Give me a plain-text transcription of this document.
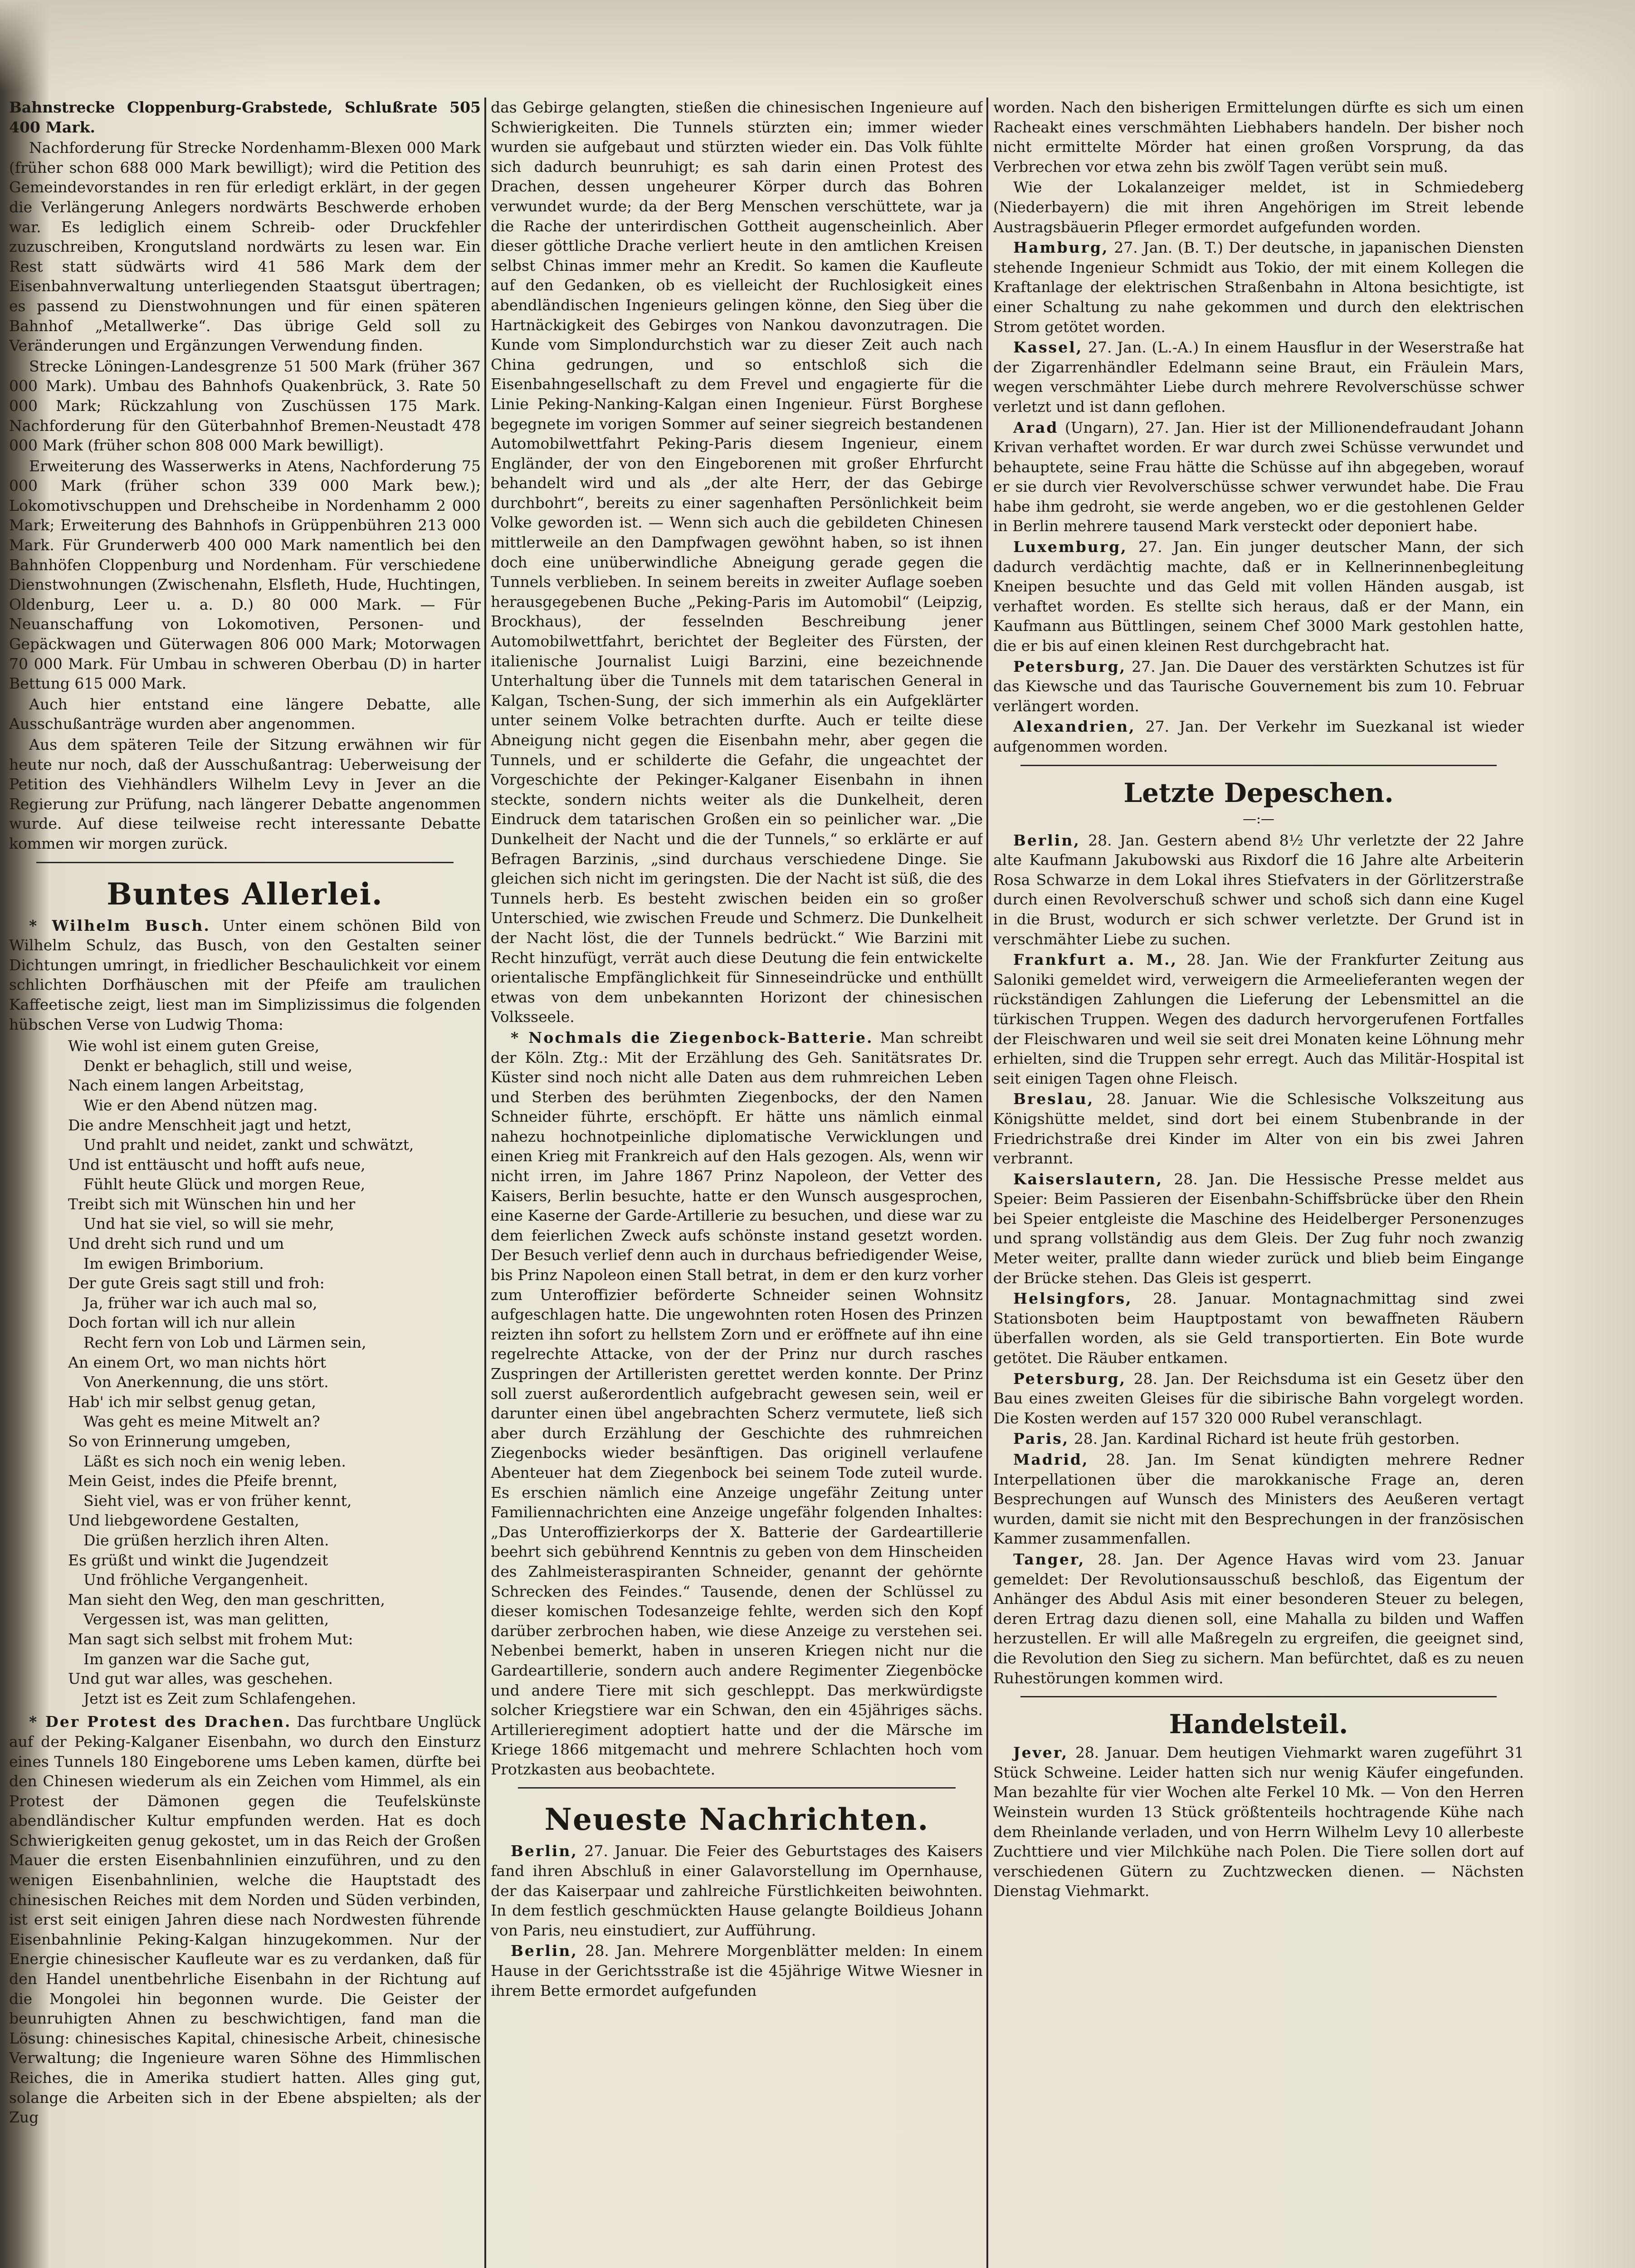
Bahnstrecke Cloppenburg-Grabstede, Schlußrate 505 400 Mark.

Nachforderung für Strecke Nordenhamm-Blexen 000 Mark (früher schon 688 000 Mark bewilligt); wird die Petition des Gemeindevorstandes in ren für erledigt erklärt, in der gegen die Verlängerung Anlegers nordwärts Beschwerde erhoben war. Es lediglich einem Schreib- oder Druckfehler zuzuschreiben, Krongutsland nordwärts zu lesen war. Ein Rest statt südwärts wird 41 586 Mark dem der Eisenbahnverwaltung unterliegenden Staatsgut übertragen; es passend zu Dienstwohnungen und für einen späteren Bahnhof „Metallwerke“. Das übrige Geld soll zu Veränderungen und Ergänzungen Verwendung finden.

Strecke Löningen-Landesgrenze 51 500 Mark (früher 367 000 Mark). Umbau des Bahnhofs Quakenbrück, 3. Rate 50 000 Mark; Rückzahlung von Zuschüssen 175 Mark. Nachforderung für den Güterbahnhof Bremen-Neustadt 478 000 Mark (früher schon 808 000 Mark bewilligt).

Erweiterung des Wasserwerks in Atens, Nachforderung 75 000 Mark (früher schon 339 000 Mark bew.); Lokomotivschuppen und Drehscheibe in Nordenhamm 2 000 Mark; Erweiterung des Bahnhofs in Grüppenbühren 213 000 Mark. Für Grunderwerb 400 000 Mark namentlich bei den Bahnhöfen Cloppenburg und Nordenham. Für verschiedene Dienstwohnungen (Zwischenahn, Elsfleth, Hude, Huchtingen, Oldenburg, Leer u. a. D.) 80 000 Mark. — Für Neuanschaffung von Lokomotiven, Personen- und Gepäckwagen und Güterwagen 806 000 Mark; Motorwagen 70 000 Mark. Für Umbau in schweren Oberbau (D) in harter Bettung 615 000 Mark.

Auch hier entstand eine längere Debatte, alle Ausschußanträge wurden aber angenommen.

Aus dem späteren Teile der Sitzung erwähnen wir für heute nur noch, daß der Ausschußantrag: Ueberweisung der Petition des Viehhändlers Wilhelm Levy in Jever an die Regierung zur Prüfung, nach längerer Debatte angenommen wurde. Auf diese teilweise recht interessante Debatte kommen wir morgen zurück.

Buntes Allerlei.

* Wilhelm Busch. Unter einem schönen Bild von Wilhelm Schulz, das Busch, von den Gestalten seiner Dichtungen umringt, in friedlicher Beschaulichkeit vor einem schlichten Dorfhäuschen mit der Pfeife am traulichen Kaffeetische zeigt, liest man im Simplizissimus die folgenden hübschen Verse von Ludwig Thoma:

Wie wohl ist einem guten Greise,
Denkt er behaglich, still und weise,
Nach einem langen Arbeitstag,
Wie er den Abend nützen mag.
Die andre Menschheit jagt und hetzt,
Und prahlt und neidet, zankt und schwätzt,
Und ist enttäuscht und hofft aufs neue,
Fühlt heute Glück und morgen Reue,
Treibt sich mit Wünschen hin und her
Und hat sie viel, so will sie mehr,
Und dreht sich rund und um
Im ewigen Brimborium.
Der gute Greis sagt still und froh:
Ja, früher war ich auch mal so,
Doch fortan will ich nur allein
Recht fern von Lob und Lärmen sein,
An einem Ort, wo man nichts hört
Von Anerkennung, die uns stört.
Hab' ich mir selbst genug getan,
Was geht es meine Mitwelt an?
So von Erinnerung umgeben,
Läßt es sich noch ein wenig leben.
Mein Geist, indes die Pfeife brennt,
Sieht viel, was er von früher kennt,
Und liebgewordene Gestalten,
Die grüßen herzlich ihren Alten.
Es grüßt und winkt die Jugendzeit
Und fröhliche Vergangenheit.
Man sieht den Weg, den man geschritten,
Vergessen ist, was man gelitten,
Man sagt sich selbst mit frohem Mut:
Im ganzen war die Sache gut,
Und gut war alles, was geschehen.
Jetzt ist es Zeit zum Schlafengehen.

* Der Protest des Drachen. Das furchtbare Unglück auf der Peking-Kalganer Eisenbahn, wo durch den Einsturz eines Tunnels 180 Eingeborene ums Leben kamen, dürfte bei den Chinesen wiederum als ein Zeichen vom Himmel, als ein Protest der Dämonen gegen die Teufelskünste abendländischer Kultur empfunden werden. Hat es doch Schwierigkeiten genug gekostet, um in das Reich der Großen Mauer die ersten Eisenbahnlinien einzuführen, und zu den wenigen Eisenbahnlinien, welche die Hauptstadt des chinesischen Reiches mit dem Norden und Süden verbinden, ist erst seit einigen Jahren diese nach Nordwesten führende Eisenbahnlinie Peking-Kalgan hinzugekommen. Nur der Energie chinesischer Kaufleute war es zu verdanken, daß für den Handel unentbehrliche Eisenbahn in der Richtung auf die Mongolei hin begonnen wurde. Die Geister der beunruhigten Ahnen zu beschwichtigen, fand man die Lösung: chinesisches Kapital, chinesische Arbeit, chinesische Verwaltung; die Ingenieure waren Söhne des Himmlischen Reiches, die in Amerika studiert hatten. Alles ging gut, solange die Arbeiten sich in der Ebene abspielten; als der Zug

das Gebirge gelangten, stießen die chinesischen Ingenieure auf Schwierigkeiten. Die Tunnels stürzten ein; immer wieder wurden sie aufgebaut und stürzten wieder ein. Das Volk fühlte sich dadurch beunruhigt; es sah darin einen Protest des Drachen, dessen ungeheurer Körper durch das Bohren verwundet wurde; da der Berg Menschen verschüttete, war ja die Rache der unterirdischen Gottheit augenscheinlich. Aber dieser göttliche Drache verliert heute in den amtlichen Kreisen selbst Chinas immer mehr an Kredit. So kamen die Kaufleute auf den Gedanken, ob es vielleicht der Ruchlosigkeit eines abendländischen Ingenieurs gelingen könne, den Sieg über die Hartnäckigkeit des Gebirges von Nankou davonzutragen. Die Kunde vom Simplondurchstich war zu dieser Zeit auch nach China gedrungen, und so entschloß sich die Eisenbahngesellschaft zu dem Frevel und engagierte für die Linie Peking-Nanking-Kalgan einen Ingenieur. Fürst Borghese begegnete im vorigen Sommer auf seiner siegreich bestandenen Automobilwettfahrt Peking-Paris diesem Ingenieur, einem Engländer, der von den Eingeborenen mit großer Ehrfurcht behandelt wird und als „der alte Herr, der das Gebirge durchbohrt“, bereits zu einer sagenhaften Persönlichkeit beim Volke geworden ist. — Wenn sich auch die gebildeten Chinesen mittlerweile an den Dampfwagen gewöhnt haben, so ist ihnen doch eine unüberwindliche Abneigung gerade gegen die Tunnels verblieben. In seinem bereits in zweiter Auflage soeben herausgegebenen Buche „Peking-Paris im Automobil“ (Leipzig, Brockhaus), der fesselnden Beschreibung jener Automobilwettfahrt, berichtet der Begleiter des Fürsten, der italienische Journalist Luigi Barzini, eine bezeichnende Unterhaltung über die Tunnels mit dem tatarischen General in Kalgan, Tschen-Sung, der sich immerhin als ein Aufgeklärter unter seinem Volke betrachten durfte. Auch er teilte diese Abneigung nicht gegen die Eisenbahn mehr, aber gegen die Tunnels, und er schilderte die Gefahr, die ungeachtet der Vorgeschichte der Pekinger-Kalganer Eisenbahn in ihnen steckte, sondern nichts weiter als die Dunkelheit, deren Eindruck dem tatarischen Großen ein so peinlicher war. „Die Dunkelheit der Nacht und die der Tunnels,“ so erklärte er auf Befragen Barzinis, „sind durchaus verschiedene Dinge. Sie gleichen sich nicht im geringsten. Die der Nacht ist süß, die des Tunnels herb. Es besteht zwischen beiden ein so großer Unterschied, wie zwischen Freude und Schmerz. Die Dunkelheit der Nacht löst, die der Tunnels bedrückt.“ Wie Barzini mit Recht hinzufügt, verrät auch diese Deutung die fein entwickelte orientalische Empfänglichkeit für Sinneseindrücke und enthüllt etwas von dem unbekannten Horizont der chinesischen Volksseele.

* Nochmals die Ziegenbock-Batterie. Man schreibt der Köln. Ztg.: Mit der Erzählung des Geh. Sanitätsrates Dr. Küster sind noch nicht alle Daten aus dem ruhmreichen Leben und Sterben des berühmten Ziegenbocks, der den Namen Schneider führte, erschöpft. Er hätte uns nämlich einmal nahezu hochnotpeinliche diplomatische Verwicklungen und einen Krieg mit Frankreich auf den Hals gezogen. Als, wenn wir nicht irren, im Jahre 1867 Prinz Napoleon, der Vetter des Kaisers, Berlin besuchte, hatte er den Wunsch ausgesprochen, eine Kaserne der Garde-Artillerie zu besuchen, und diese war zu dem feierlichen Zweck aufs schönste instand gesetzt worden. Der Besuch verlief denn auch in durchaus befriedigender Weise, bis Prinz Napoleon einen Stall betrat, in dem er den kurz vorher zum Unteroffizier beförderte Schneider seinen Wohnsitz aufgeschlagen hatte. Die ungewohnten roten Hosen des Prinzen reizten ihn sofort zu hellstem Zorn und er eröffnete auf ihn eine regelrechte Attacke, von der der Prinz nur durch rasches Zuspringen der Artilleristen gerettet werden konnte. Der Prinz soll zuerst außerordentlich aufgebracht gewesen sein, weil er darunter einen übel angebrachten Scherz vermutete, ließ sich aber durch Erzählung der Geschichte des ruhmreichen Ziegenbocks wieder besänftigen. Das originell verlaufene Abenteuer hat dem Ziegenbock bei seinem Tode zuteil wurde. Es erschien nämlich eine Anzeige ungefähr Zeitung unter Familiennachrichten eine Anzeige ungefähr folgenden Inhaltes: „Das Unteroffizierkorps der X. Batterie der Gardeartillerie beehrt sich gebührend Kenntnis zu geben von dem Hinscheiden des Zahlmeisteraspiranten Schneider, genannt der gehörnte Schrecken des Feindes.“ Tausende, denen der Schlüssel zu dieser komischen Todesanzeige fehlte, werden sich den Kopf darüber zerbrochen haben, wie diese Anzeige zu verstehen sei. Nebenbei bemerkt, haben in unseren Kriegen nicht nur die Gardeartillerie, sondern auch andere Regimenter Ziegenböcke und andere Tiere mit sich geschleppt. Das merkwürdigste solcher Kriegstiere war ein Schwan, den ein 45jähriges sächs. Artillerieregiment adoptiert hatte und der die Märsche im Kriege 1866 mitgemacht und mehrere Schlachten hoch vom Protzkasten aus beobachtete.

Neueste Nachrichten.

Berlin, 27. Januar. Die Feier des Geburtstages des Kaisers fand ihren Abschluß in einer Galavorstellung im Opernhause, der das Kaiserpaar und zahlreiche Fürstlichkeiten beiwohnten. In dem festlich geschmückten Hause gelangte Boildieus Johann von Paris, neu einstudiert, zur Aufführung.

Berlin, 28. Jan. Mehrere Morgenblätter melden: In einem Hause in der Gerichtsstraße ist die 45jährige Witwe Wiesner in ihrem Bette ermordet aufgefunden

worden. Nach den bisherigen Ermittelungen dürfte es sich um einen Racheakt eines verschmähten Liebhabers handeln. Der bisher noch nicht ermittelte Mörder hat einen großen Vorsprung, da das Verbrechen vor etwa zehn bis zwölf Tagen verübt sein muß.

Wie der Lokalanzeiger meldet, ist in Schmiedeberg (Niederbayern) die mit ihren Angehörigen im Streit lebende Austragsbäuerin Pfleger ermordet aufgefunden worden.

Hamburg, 27. Jan. (B. T.) Der deutsche, in japanischen Diensten stehende Ingenieur Schmidt aus Tokio, der mit einem Kollegen die Kraftanlage der elektrischen Straßenbahn in Altona besichtigte, ist einer Schaltung zu nahe gekommen und durch den elektrischen Strom getötet worden.

Kassel, 27. Jan. (L.-A.) In einem Hausflur in der Weserstraße hat der Zigarrenhändler Edelmann seine Braut, ein Fräulein Mars, wegen verschmähter Liebe durch mehrere Revolverschüsse schwer verletzt und ist dann geflohen.

Arad (Ungarn), 27. Jan. Hier ist der Millionendefraudant Johann Krivan verhaftet worden. Er war durch zwei Schüsse verwundet und behauptete, seine Frau hätte die Schüsse auf ihn abgegeben, worauf er sie durch vier Revolverschüsse schwer verwundet habe. Die Frau habe ihm gedroht, sie werde angeben, wo er die gestohlenen Gelder in Berlin mehrere tausend Mark versteckt oder deponiert habe.

Luxemburg, 27. Jan. Ein junger deutscher Mann, der sich dadurch verdächtig machte, daß er in Kellnerinnenbegleitung Kneipen besuchte und das Geld mit vollen Händen ausgab, ist verhaftet worden. Es stellte sich heraus, daß er der Mann, ein Kaufmann aus Büttlingen, seinem Chef 3000 Mark gestohlen hatte, die er bis auf einen kleinen Rest durchgebracht hat.

Petersburg, 27. Jan. Die Dauer des verstärkten Schutzes ist für das Kiewsche und das Taurische Gouvernement bis zum 10. Februar verlängert worden.

Alexandrien, 27. Jan. Der Verkehr im Suezkanal ist wieder aufgenommen worden.

Letzte Depeschen.
—:—

Berlin, 28. Jan. Gestern abend 8½ Uhr verletzte der 22 Jahre alte Kaufmann Jakubowski aus Rixdorf die 16 Jahre alte Arbeiterin Rosa Schwarze in dem Lokal ihres Stiefvaters in der Görlitzerstraße durch einen Revolverschuß schwer und schoß sich dann eine Kugel in die Brust, wodurch er sich schwer verletzte. Der Grund ist in verschmähter Liebe zu suchen.

Frankfurt a. M., 28. Jan. Wie der Frankfurter Zeitung aus Saloniki gemeldet wird, verweigern die Armeelieferanten wegen der rückständigen Zahlungen die Lieferung der Lebensmittel an die türkischen Truppen. Wegen des dadurch hervorgerufenen Fortfalles der Fleischwaren und weil sie seit drei Monaten keine Löhnung mehr erhielten, sind die Truppen sehr erregt. Auch das Militär-Hospital ist seit einigen Tagen ohne Fleisch.

Breslau, 28. Januar. Wie die Schlesische Volkszeitung aus Königshütte meldet, sind dort bei einem Stubenbrande in der Friedrichstraße drei Kinder im Alter von ein bis zwei Jahren verbrannt.

Kaiserslautern, 28. Jan. Die Hessische Presse meldet aus Speier: Beim Passieren der Eisenbahn-Schiffsbrücke über den Rhein bei Speier entgleiste die Maschine des Heidelberger Personenzuges und sprang vollständig aus dem Gleis. Der Zug fuhr noch zwanzig Meter weiter, prallte dann wieder zurück und blieb beim Eingange der Brücke stehen. Das Gleis ist gesperrt.

Helsingfors, 28. Januar. Montagnachmittag sind zwei Stationsboten beim Hauptpostamt von bewaffneten Räubern überfallen worden, als sie Geld transportierten. Ein Bote wurde getötet. Die Räuber entkamen.

Petersburg, 28. Jan. Der Reichsduma ist ein Gesetz über den Bau eines zweiten Gleises für die sibirische Bahn vorgelegt worden. Die Kosten werden auf 157 320 000 Rubel veranschlagt.

Paris, 28. Jan. Kardinal Richard ist heute früh gestorben.

Madrid, 28. Jan. Im Senat kündigten mehrere Redner Interpellationen über die marokkanische Frage an, deren Besprechungen auf Wunsch des Ministers des Aeußeren vertagt wurden, damit sie nicht mit den Besprechungen in der französischen Kammer zusammenfallen.

Tanger, 28. Jan. Der Agence Havas wird vom 23. Januar gemeldet: Der Revolutionsausschuß beschloß, das Eigentum der Anhänger des Abdul Asis mit einer besonderen Steuer zu belegen, deren Ertrag dazu dienen soll, eine Mahalla zu bilden und Waffen herzustellen. Er will alle Maßregeln zu ergreifen, die geeignet sind, die Revolution den Sieg zu sichern. Man befürchtet, daß es zu neuen Ruhestörungen kommen wird.

Handelsteil.

Jever, 28. Januar. Dem heutigen Viehmarkt waren zugeführt 31 Stück Schweine. Leider hatten sich nur wenig Käufer eingefunden. Man bezahlte für vier Wochen alte Ferkel 10 Mk. — Von den Herren Weinstein wurden 13 Stück größtenteils hochtragende Kühe nach dem Rheinlande verladen, und von Herrn Wilhelm Levy 10 allerbeste Zuchttiere und vier Milchkühe nach Polen. Die Tiere sollen dort auf verschiedenen Gütern zu Zuchtzwecken dienen. — Nächsten Dienstag Viehmarkt.
